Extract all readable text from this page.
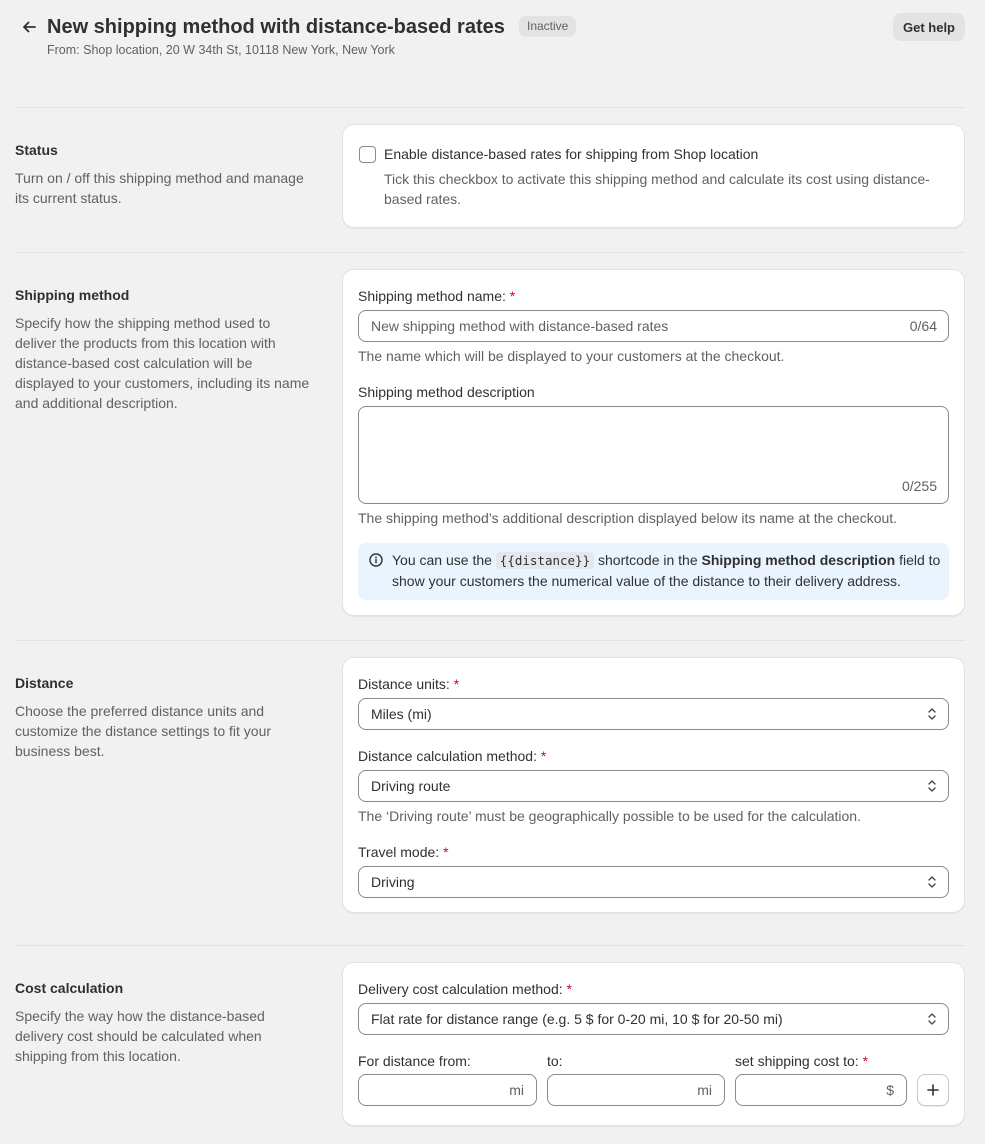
New shipping method with distance-based rates	Inactive
From: Shop location, 20 W 34th St, 10118 New York, New York
Get help
Status
Turn on / off this shipping method and manage its current status.
Enable distance-based rates for shipping from Shop location
Tick this checkbox to activate this shipping method and calculate its cost using distance-based rates.
Shipping method
Specify how the shipping method used to deliver the products from this location with distance-based cost calculation will be displayed to your customers, including its name and additional description.
Shipping method name: *
New shipping method with distance-based rates	0/64
The name which will be displayed to your customers at the checkout.
Shipping method description
0/255
The shipping method’s additional description displayed below its name at the checkout.
You can use the {{distance}} shortcode in the Shipping method description field to show your customers the numerical value of the distance to their delivery address.
Distance
Choose the preferred distance units and customize the distance settings to fit your business best.
Distance units: *
Miles (mi)
Distance calculation method: *
Driving route
The ‘Driving route’ must be geographically possible to be used for the calculation.
Travel mode: *
Driving
Cost calculation
Specify the way how the distance-based delivery cost should be calculated when shipping from this location.
Delivery cost calculation method: *
Flat rate for distance range (e.g. 5 $ for 0-20 mi, 10 $ for 20-50 mi)
For distance from:	to:	set shipping cost to: *
mi	mi	$
